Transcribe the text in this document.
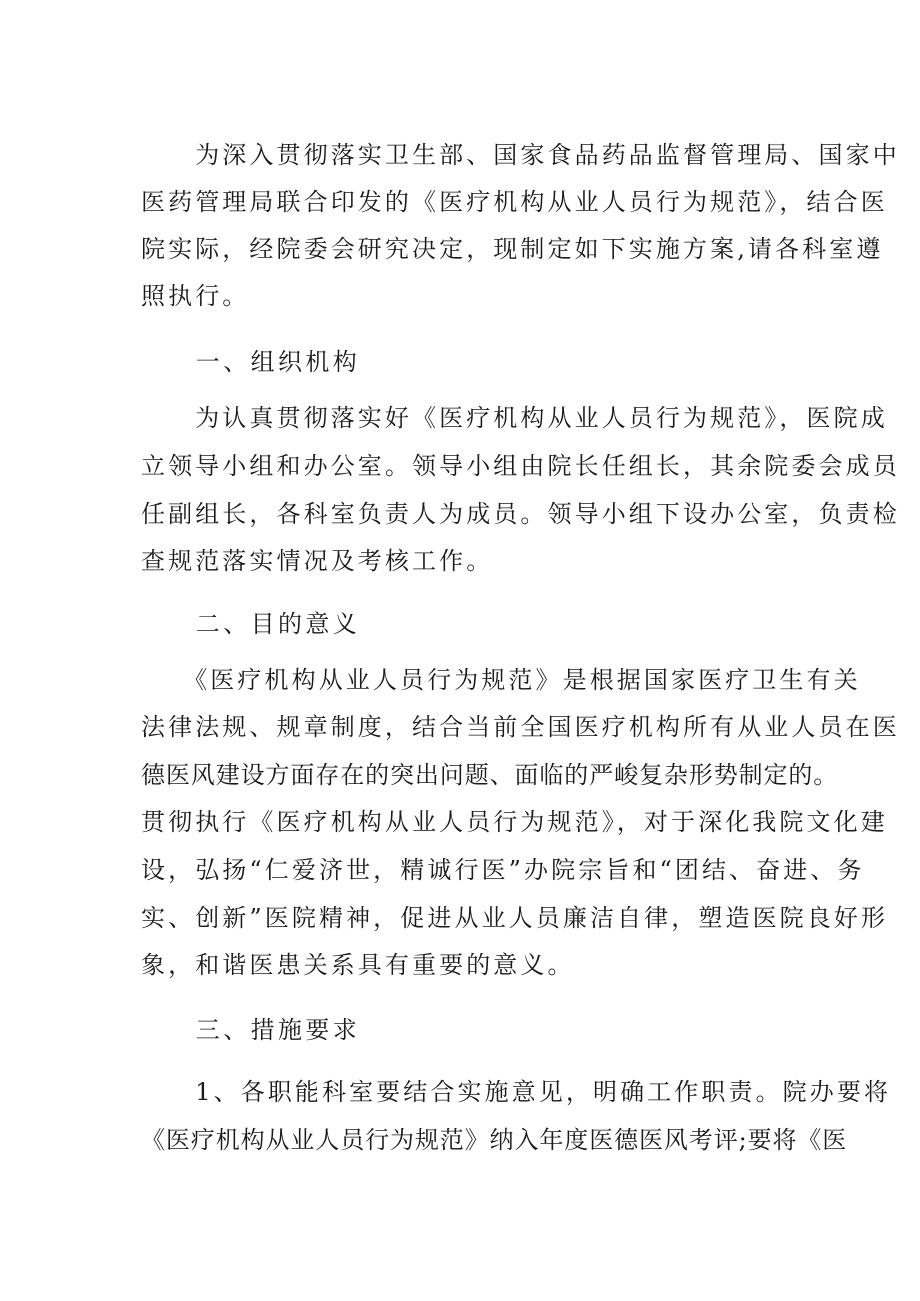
　　为深入贯彻落实卫生部、国家食品药品监督管理局、国家中
医药管理局联合印发的《医疗机构从业人员行为规范》，结合医
院实际，经院委会研究决定，现制定如下实施方案,请各科室遵
照执行。
　　一、组织机构
　　为认真贯彻落实好《医疗机构从业人员行为规范》，医院成
立领导小组和办公室。领导小组由院长任组长，其余院委会成员
任副组长，各科室负责人为成员。领导小组下设办公室，负责检
查规范落实情况及考核工作。
　　二、目的意义
　　《医疗机构从业人员行为规范》是根据国家医疗卫生有关
法律法规、规章制度，结合当前全国医疗机构所有从业人员在医
德医风建设方面存在的突出问题、面临的严峻复杂形势制定的。
贯彻执行《医疗机构从业人员行为规范》，对于深化我院文化建
设，弘扬“仁爱济世，精诚行医”办院宗旨和“团结、奋进、务
实、创新”医院精神，促进从业人员廉洁自律，塑造医院良好形
象，和谐医患关系具有重要的意义。
　　三、措施要求
　　1、各职能科室要结合实施意见，明确工作职责。院办要将
《医疗机构从业人员行为规范》纳入年度医德医风考评;要将《医
